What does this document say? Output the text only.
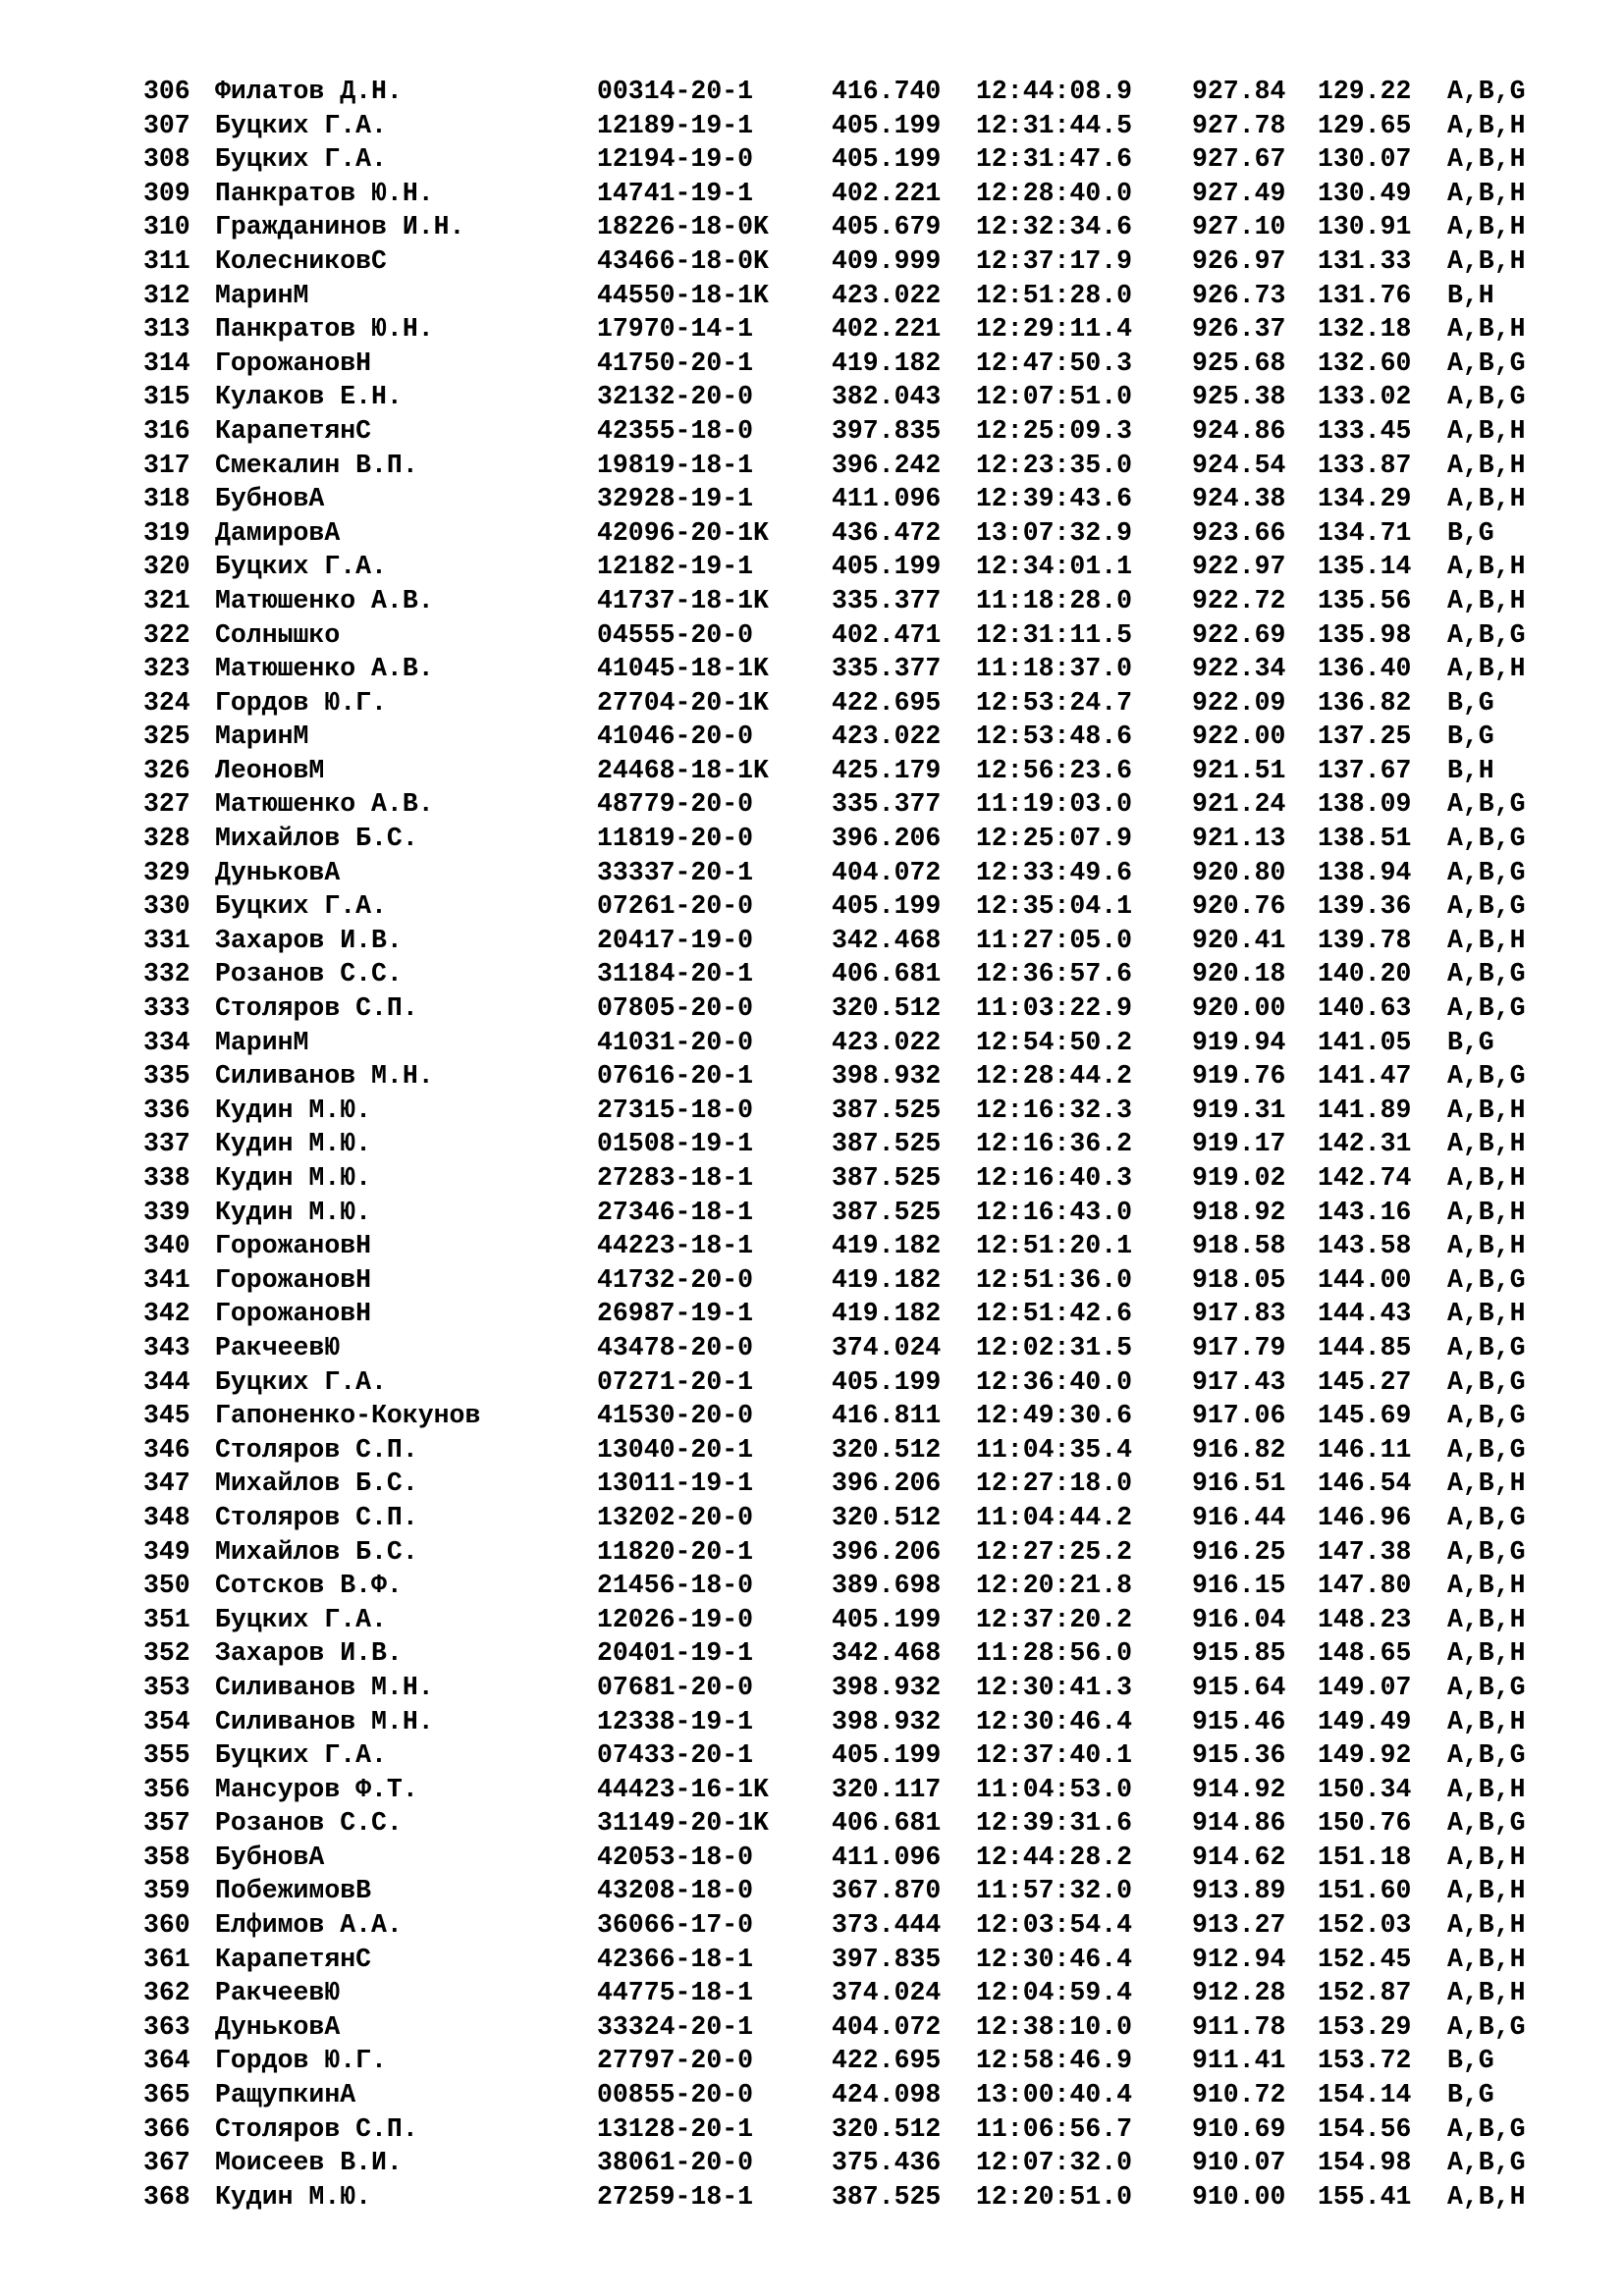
306 Филатов Д.Н.	00314-20-1	416.740 12:44:08.9 927.84 129.22 A,B,G
307 Буцких Г.А.	12189-19-1	405.199 12:31:44.5 927.78 129.65 A,B,H
308 Буцких Г.А.	12194-19-0	405.199 12:31:47.6 927.67 130.07 A,B,H
309 Панкратов Ю.Н.	14741-19-1	402.221 12:28:40.0 927.49 130.49 A,B,H
310 Гражданинов И.Н.	18226-18-0K 405.679 12:32:34.6 927.10 130.91 A,B,H
311 КолесниковС	43466-18-0K 409.999 12:37:17.9 926.97 131.33 A,B,H
312 МаринМ	44550-18-1K 423.022 12:51:28.0 926.73 131.76 B,H
313 Панкратов Ю.Н.	17970-14-1	402.221 12:29:11.4 926.37 132.18 A,B,H
314 ГорожановН	41750-20-1	419.182 12:47:50.3 925.68 132.60 A,B,G
315 Кулаков Е.Н.	32132-20-0	382.043 12:07:51.0 925.38 133.02 A,B,G
316 КарапетянС	42355-18-0	397.835 12:25:09.3 924.86 133.45 A,B,H
317 Смекалин В.П.	19819-18-1	396.242 12:23:35.0 924.54 133.87 A,B,H
318 БубновА	32928-19-1	411.096 12:39:43.6 924.38 134.29 A,B,H
319 ДамировА	42096-20-1K 436.472 13:07:32.9 923.66 134.71 B,G
320 Буцких Г.А.	12182-19-1	405.199 12:34:01.1 922.97 135.14 A,B,H
321 Матюшенко А.В.	41737-18-1K 335.377 11:18:28.0 922.72 135.56 A,B,H
322 Солнышко	04555-20-0	402.471 12:31:11.5 922.69 135.98 A,B,G
323 Матюшенко А.В.	41045-18-1K 335.377 11:18:37.0 922.34 136.40 A,B,H
324 Гордов Ю.Г.	27704-20-1K 422.695 12:53:24.7 922.09 136.82 B,G
325 МаринМ	41046-20-0	423.022 12:53:48.6 922.00 137.25 B,G
326 ЛеоновМ	24468-18-1K 425.179 12:56:23.6 921.51 137.67 B,H
327 Матюшенко А.В.	48779-20-0	335.377 11:19:03.0 921.24 138.09 A,B,G
328 Михайлов Б.С.	11819-20-0	396.206 12:25:07.9 921.13 138.51 A,B,G
329 ДуньковА	33337-20-1	404.072 12:33:49.6 920.80 138.94 A,B,G
330 Буцких Г.А.	07261-20-0	405.199 12:35:04.1 920.76 139.36 A,B,G
331 Захаров И.В.	20417-19-0	342.468 11:27:05.0 920.41 139.78 A,B,H
332 Розанов С.С.	31184-20-1	406.681 12:36:57.6 920.18 140.20 A,B,G
333 Столяров С.П.	07805-20-0	320.512 11:03:22.9 920.00 140.63 A,B,G
334 МаринМ	41031-20-0	423.022 12:54:50.2 919.94 141.05 B,G
335 Силиванов М.Н.	07616-20-1	398.932 12:28:44.2 919.76 141.47 A,B,G
336 Кудин М.Ю.	27315-18-0	387.525 12:16:32.3 919.31 141.89 A,B,H
337 Кудин М.Ю.	01508-19-1	387.525 12:16:36.2 919.17 142.31 A,B,H
338 Кудин М.Ю.	27283-18-1	387.525 12:16:40.3 919.02 142.74 A,B,H
339 Кудин М.Ю.	27346-18-1	387.525 12:16:43.0 918.92 143.16 A,B,H
340 ГорожановН	44223-18-1	419.182 12:51:20.1 918.58 143.58 A,B,H
341 ГорожановН	41732-20-0	419.182 12:51:36.0 918.05 144.00 A,B,G
342 ГорожановН	26987-19-1	419.182 12:51:42.6 917.83 144.43 A,B,H
343 РакчеевЮ	43478-20-0	374.024 12:02:31.5 917.79 144.85 A,B,G
344 Буцких Г.А.	07271-20-1	405.199 12:36:40.0 917.43 145.27 A,B,G
345 Гапоненко-Кокунов	41530-20-0	416.811 12:49:30.6 917.06 145.69 A,B,G
346 Столяров С.П.	13040-20-1	320.512 11:04:35.4 916.82 146.11 A,B,G
347 Михайлов Б.С.	13011-19-1	396.206 12:27:18.0 916.51 146.54 A,B,H
348 Столяров С.П.	13202-20-0	320.512 11:04:44.2 916.44 146.96 A,B,G
349 Михайлов Б.С.	11820-20-1	396.206 12:27:25.2 916.25 147.38 A,B,G
350 Сотсков В.Ф.	21456-18-0	389.698 12:20:21.8 916.15 147.80 A,B,H
351 Буцких Г.А.	12026-19-0	405.199 12:37:20.2 916.04 148.23 A,B,H
352 Захаров И.В.	20401-19-1	342.468 11:28:56.0 915.85 148.65 A,B,H
353 Силиванов М.Н.	07681-20-0	398.932 12:30:41.3 915.64 149.07 A,B,G
354 Силиванов М.Н.	12338-19-1	398.932 12:30:46.4 915.46 149.49 A,B,H
355 Буцких Г.А.	07433-20-1	405.199 12:37:40.1 915.36 149.92 A,B,G
356 Мансуров Ф.Т.	44423-16-1K 320.117 11:04:53.0 914.92 150.34 A,B,H
357 Розанов С.С.	31149-20-1K 406.681 12:39:31.6 914.86 150.76 A,B,G
358 БубновА	42053-18-0	411.096 12:44:28.2 914.62 151.18 A,B,H
359 ПобежимовВ	43208-18-0	367.870 11:57:32.0 913.89 151.60 A,B,H
360 Елфимов А.А.	36066-17-0	373.444 12:03:54.4 913.27 152.03 A,B,H
361 КарапетянС	42366-18-1	397.835 12:30:46.4 912.94 152.45 A,B,H
362 РакчеевЮ	44775-18-1	374.024 12:04:59.4 912.28 152.87 A,B,H
363 ДуньковА	33324-20-1	404.072 12:38:10.0 911.78 153.29 A,B,G
364 Гордов Ю.Г.	27797-20-0	422.695 12:58:46.9 911.41 153.72 B,G
365 РащупкинА	00855-20-0	424.098 13:00:40.4 910.72 154.14 B,G
366 Столяров С.П.	13128-20-1	320.512 11:06:56.7 910.69 154.56 A,B,G
367 Моисеев В.И.	38061-20-0	375.436 12:07:32.0 910.07 154.98 A,B,G
368 Кудин М.Ю.	27259-18-1	387.525 12:20:51.0 910.00 155.41 A,B,H
